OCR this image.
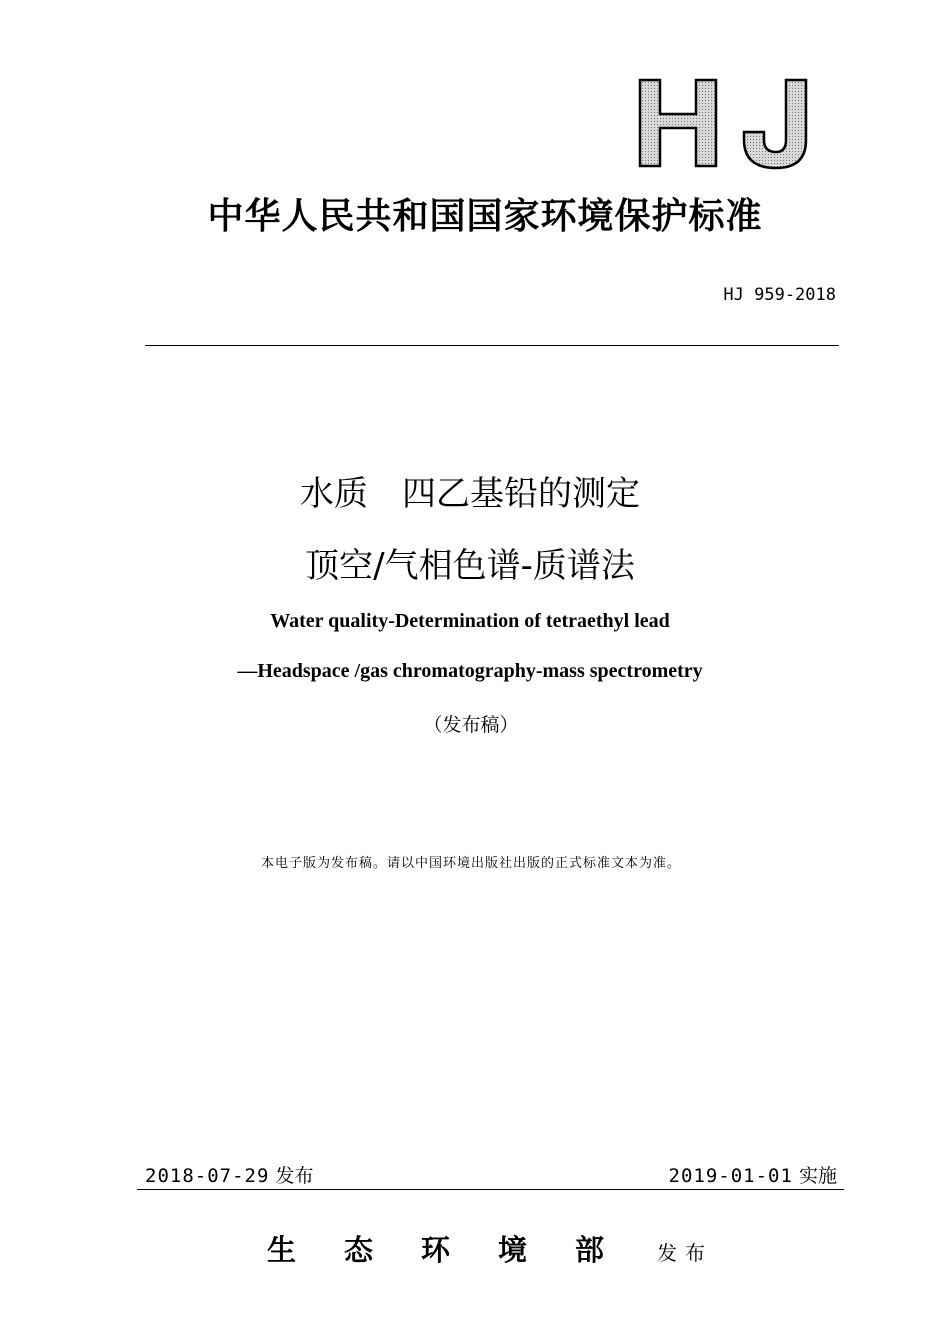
中华人民共和国国家环境保护标准
HJ 959-2018
水质　四乙基铅的测定
顶空/气相色谱-质谱法
Water quality-Determination of tetraethyl lead
—Headspace /gas chromatography-mass spectrometry
（发布稿）
本电子版为发布稿。请以中国环境出版社出版的正式标准文本为准。
2018-07-29 发布	2019-01-01 实施
生态环境部 发布
